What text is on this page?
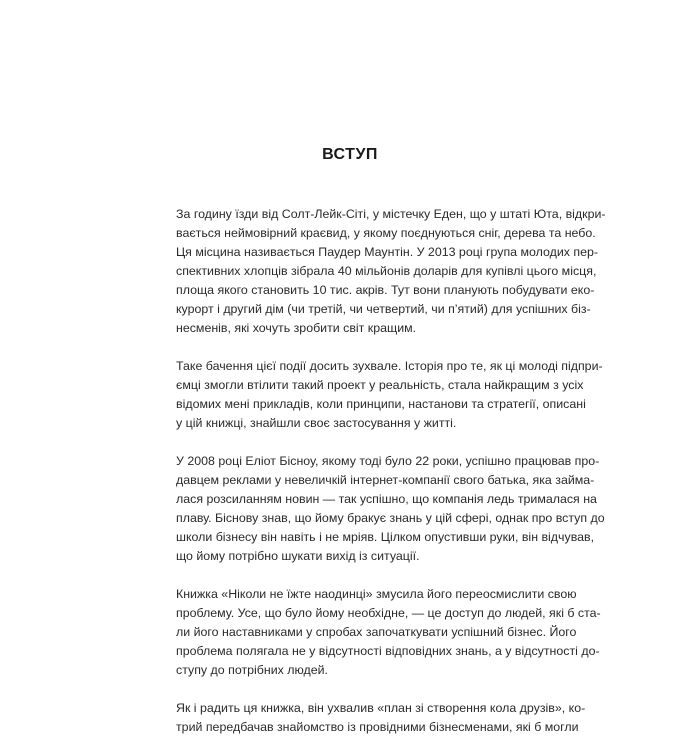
ВСТУП
За годину їзди від Солт-Лейк-Сіті, у містечку Еден, що у штаті Юта, відкри-
вається неймовірний краєвид, у якому поєднуються сніг, дерева та небо.
Ця місцина називається Паудер Маунтін. У 2013 році група молодих пер-
спективних хлопців зібрала 40 мільйонів доларів для купівлі цього місця,
площа якого становить 10 тис. акрів. Тут вони планують побудувати еко-
курорт і другий дім (чи третій, чи четвертий, чи п’ятий) для успішних біз-
несменів, які хочуть зробити світ кращим.
Таке бачення цієї події досить зухвале. Історія про те, як ці молоді підпри-
ємці змогли втілити такий проект у реальність, стала найкращим з усіх
відомих мені прикладів, коли принципи, настанови та стратегії, описані
у цій книжці, знайшли своє застосування у житті.
У 2008 році Еліот Бісноу, якому тоді було 22 роки, успішно працював про-
давцем реклами у невеличкій інтернет-компанії свого батька, яка займа-
лася розсиланням новин — так успішно, що компанія ледь трималася на
плаву. Біснову знав, що йому бракує знань у цій сфері, однак про вступ до
школи бізнесу він навіть і не мріяв. Цілком опустивши руки, він відчував,
що йому потрібно шукати вихід із ситуації.
Книжка «Ніколи не їжте наодинці» змусила його переосмислити свою
проблему. Усе, що було йому необхідне, — це доступ до людей, які б ста-
ли його наставниками у спробах започаткувати успішний бізнес. Його
проблема полягала не у відсутності відповідних знань, а у відсутності до-
ступу до потрібних людей.
Як і радить ця книжка, він ухвалив «план зі створення кола друзів», ко-
трий передбачав знайомство із провідними бізнесменами, які б могли
